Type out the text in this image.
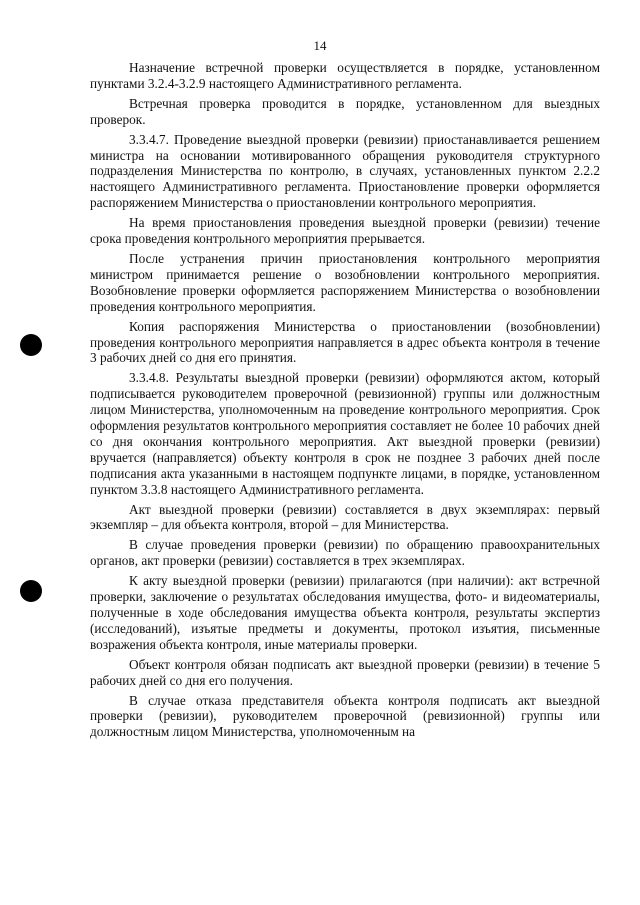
14

Назначение встречной проверки осуществляется в порядке, установленном пунктами 3.2.4-3.2.9 настоящего Административного регламента.

Встречная проверка проводится в порядке, установленном для выездных проверок.

3.3.4.7. Проведение выездной проверки (ревизии) приостанавливается решением министра на основании мотивированного обращения руководителя структурного подразделения Министерства по контролю, в случаях, установленных пунктом 2.2.2 настоящего Административного регламента. Приостановление проверки оформляется распоряжением Министерства о приостановлении контрольного мероприятия.

На время приостановления проведения выездной проверки (ревизии) течение срока проведения контрольного мероприятия прерывается.

После устранения причин приостановления контрольного мероприятия министром принимается решение о возобновлении контрольного мероприятия. Возобновление проверки оформляется распоряжением Министерства о возобновлении проведения контрольного мероприятия.

Копия распоряжения Министерства о приостановлении (возобновлении) проведения контрольного мероприятия направляется в адрес объекта контроля в течение 3 рабочих дней со дня его принятия.

3.3.4.8. Результаты выездной проверки (ревизии) оформляются актом, который подписывается руководителем проверочной (ревизионной) группы или должностным лицом Министерства, уполномоченным на проведение контрольного мероприятия. Срок оформления результатов контрольного мероприятия составляет не более 10 рабочих дней со дня окончания контрольного мероприятия. Акт выездной проверки (ревизии) вручается (направляется) объекту контроля в срок не позднее 3 рабочих дней после подписания акта указанными в настоящем подпункте лицами, в порядке, установленном пунктом 3.3.8 настоящего Административного регламента.

Акт выездной проверки (ревизии) составляется в двух экземплярах: первый экземпляр – для объекта контроля, второй – для Министерства.

В случае проведения проверки (ревизии) по обращению правоохранительных органов, акт проверки (ревизии) составляется в трех экземплярах.

К акту выездной проверки (ревизии) прилагаются (при наличии): акт встречной проверки, заключение о результатах обследования имущества, фото- и видеоматериалы, полученные в ходе обследования имущества объекта контроля, результаты экспертиз (исследований), изъятые предметы и документы, протокол изъятия, письменные возражения объекта контроля, иные материалы проверки.

Объект контроля обязан подписать акт выездной проверки (ревизии) в течение 5 рабочих дней со дня его получения.

В случае отказа представителя объекта контроля подписать акт выездной проверки (ревизии), руководителем проверочной (ревизионной) группы или должностным лицом Министерства, уполномоченным на
